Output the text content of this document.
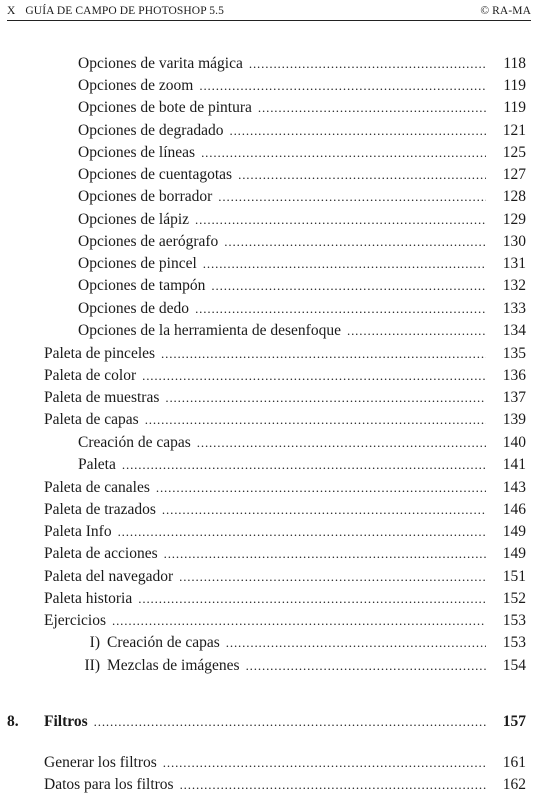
X GUÍA DE CAMPO DE PHOTOSHOP 5.5	© RA-MA
Opciones de varita mágica . . .	118
Opciones de zoom . . .	119
Opciones de bote de pintura . . .	119
Opciones de degradado . . .	121
Opciones de líneas . . .	125
Opciones de cuentagotas . . .	127
Opciones de borrador . . .	128
Opciones de lápiz . . .	129
Opciones de aerógrafo . . .	130
Opciones de pincel . . .	131
Opciones de tampón . . .	132
Opciones de dedo . . .	133
Opciones de la herramienta de desenfoque . . .	134
Paleta de pinceles . . .	135
Paleta de color . . .	136
Paleta de muestras . . .	137
Paleta de capas . . .	139
Creación de capas . . .	140
Paleta . . .	141
Paleta de canales . . .	143
Paleta de trazados . . .	146
Paleta Info . . .	149
Paleta de acciones . . .	149
Paleta del navegador . . .	151
Paleta historia . . .	152
Ejercicios . . .	153
I) Creación de capas . . .	153
II) Mezclas de imágenes . . .	154
8. Filtros . . .	157
Generar los filtros . . .	161
Datos para los filtros . . .	162
